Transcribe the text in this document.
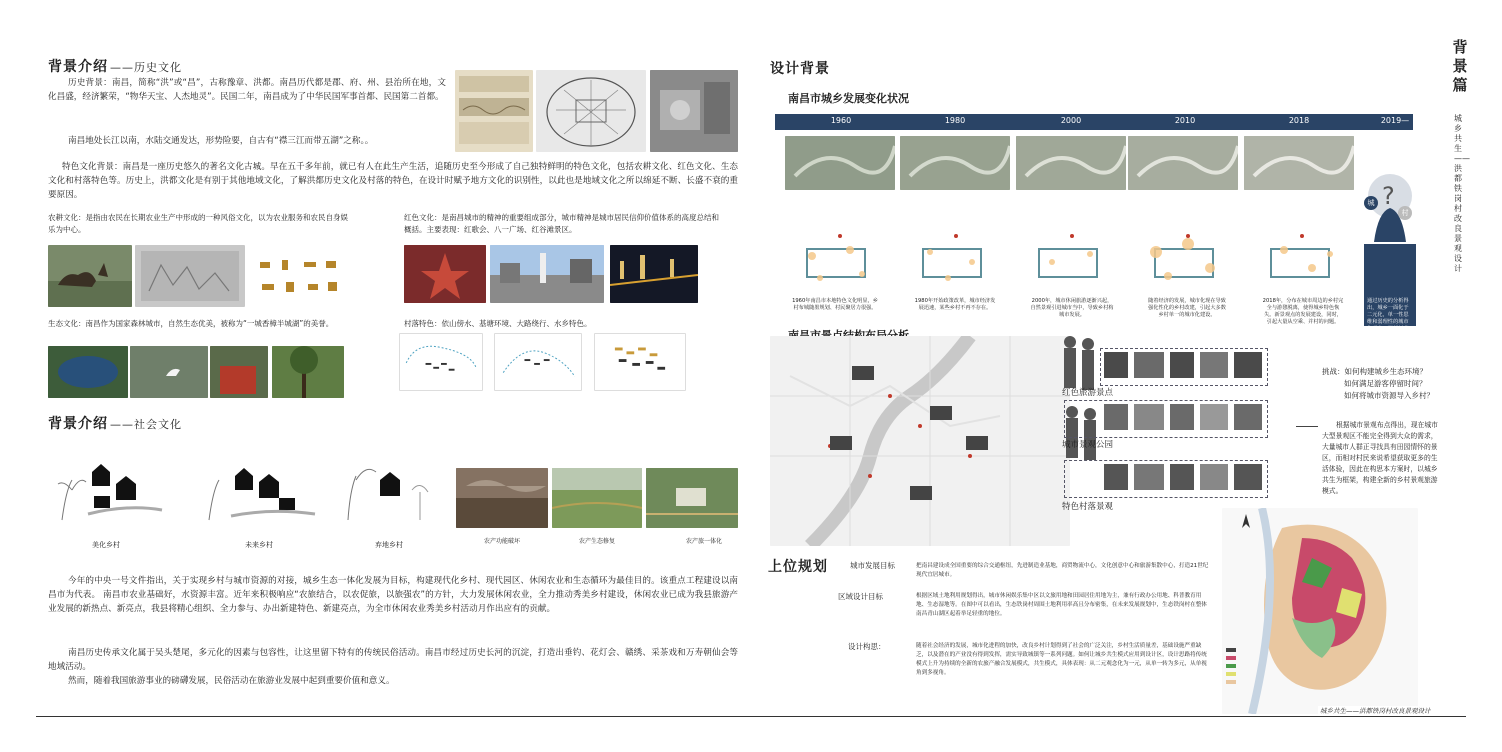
背景介绍 ——历史文化
历史背景：南昌，简称“洪”或“昌”，古称豫章、洪都。南昌历代都是郡、府、州、县治所在地，文化昌盛，经济繁荣，“物华天宝、人杰地灵”。民国二年，南昌成为了中华民国军事首都、民国第二首都。
南昌地处长江以南，水陆交通发达，形势险要，自古有“襟三江而带五湖”之称。。
特色文化背景：南昌是一座历史悠久的著名文化古城。早在五千多年前，就已有人在此生产生活，追随历史至今形成了自己独特鲜明的特色文化，包括农耕文化、红色文化、生态文化和村落特色等。历史上，洪都文化是有别于其他地域文化，了解洪都历史文化及村落的特色，在设计时赋予地方文化的识别性，以此也是地域文化之所以绵延不断、长盛不衰的重要原因。
农耕文化：是指由农民在长期农业生产中形成的一种风俗文化，以为农业服务和农民自身娱乐为中心。
红色文化：是南昌城市的精神的重要组成部分，城市精神是城市居民信仰价值体系的高度总结和概括。主要表现：红歌会、八一广场、红谷滩景区。
生态文化：南昌作为国家森林城市，自然生态优美，被称为“一城香樟半城湖”的美誉。	村落特色：依山傍水、基塘环境、大路绕行、水乡特色。
背景介绍 ——社会文化
美化乡村	未来乡村	弃地乡村	农产功能破坏	农产生态修复	农产旅一体化
今年的中央一号文件指出，关于实现乡村与城市资源的对接，城乡生态一体化发展为目标，构建现代化乡村、现代园区、休闲农业和生态循环为最佳目的。该重点工程建设以南昌市为代表。 南昌市农业基础好，水资源丰富。近年来积极响应“农旅结合，以农促旅，以旅强农”的方针，大力发展休闲农业，全力推动秀美乡村建设，休闲农业已成为我县旅游产业发展的新热点、新亮点，我县将精心组织、全力参与、办出新建特色、新建亮点，为全市休闲农业秀美乡村活动月作出应有的贡献。
南昌历史传承文化属于吴头楚尾，多元化的因素与包容性，让这里留下特有的传统民俗活动。南昌市经过历史长河的沉淀，打造出垂钓、花灯会、赣绣、采茶戏和万寿朝仙会等地域活动。
然而，随着我国旅游事业的磅礴发展，民俗活动在旅游业发展中起到重要价值和意义。
设计背景
南昌市城乡发展变化状况
1960	1980	2000	2010	2018	2019—
?
城
村
1960年南昌市本地特色文化明显，乡村布城随墨规划、村民聚居力很强。
1980年开始政策改革，城市经济发展迅速，某些乡村不再不存在。
2000年，城市休闲旅游逐渐兴起，自然景观引进城市当中，导致乡村构城市发展。
随着经济的发展，城市化现在导致强化性化的乡村改建，引起大多数乡村单一的城市化建设。
2018年，分布在城市周边的乡村完全与游憩脱离，使得城乡特色恢失。新景观点的发展建设，同时，引起大量从空乘、并村的问题。
通过历史的分析得出，城乡一面化于二元化，单一性思维和弱理性的城市化现象，引起村落构造与面貌进入衰亡。
红色旅游景点
城市景观公园
特色村落景观
挑战：如何构建城乡生态环境？
如何满足游客停留时间？
如何将城市资源导入乡村？
根据城市景观布点得出，现在城市大型景观区不能完全得到大众的需求，大量城市人群正寻找具有田园情怀的景区，而相对村民来说希望获取更多的生活体验，因此在构思本方案时，以城乡共生为框架，构建全新的乡村景观旅游模式。
上位规划	城市发展目标	把南昌建设成全国重要的综合交通枢纽，先进制造业基地，商贸物流中心，文化创意中心和旅游集散中心，打造21世纪现代宜居城市。
区域设计目标	根据区域土地利用规划得出，城市休闲娱乐集中区以文旅用地和田园居住用地为主，兼有行政办公用地、科普教育用地、生态湿地等。在图中可以看出，生态铁岗村周围土地利用率高且分布密集，在未来发展规划中，生态铁岗村在整体南昌青山湖区起着举足轻重的地位。
设计构思：	随着社会经济的发展，城市化进程的加快，改良乡村计划得到了社会的广泛关注，乡村生活质量差，基础设施严重缺乏，以及潜在的产业没有得到发挥，需实导致城镇等一系列问题。如何让城乡共生模式应用到设计区，设计思路将传统模式上升为持续的全新的农旅产融合发展模式，共生模式，具体表现：从二元观念化为一元，从单一转为多元，从单视角到多视角。
背
景
篇
城乡共生——洪都铁岗村改良景观设计
城乡共生——洪都铁岗村改良景观设计
